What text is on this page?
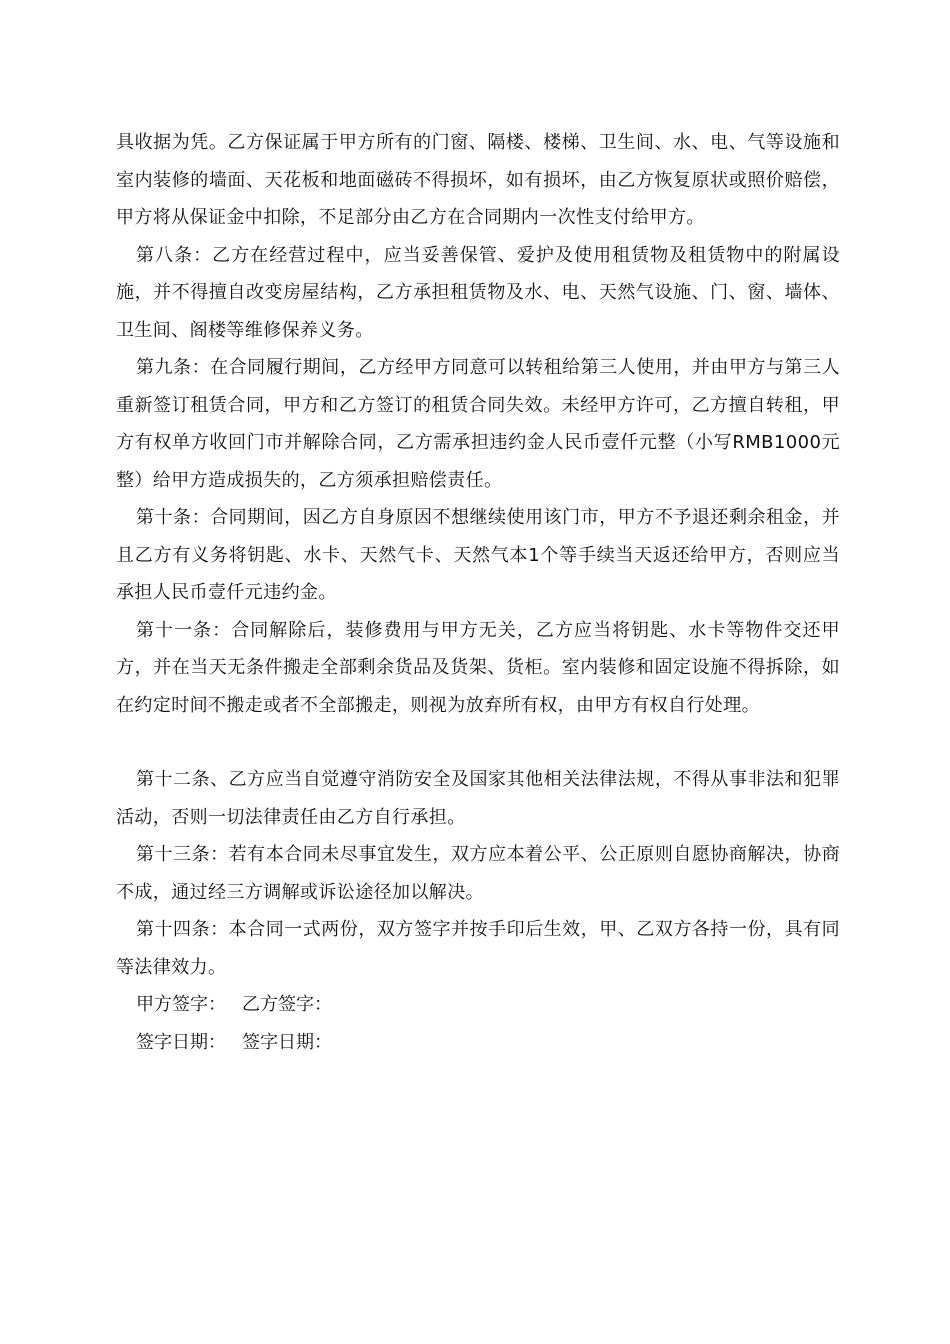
具收据为凭。乙方保证属于甲方所有的门窗、隔楼、楼梯、卫生间、水、电、气等设施和室内装修的墙面、天花板和地面磁砖不得损坏，如有损坏，由乙方恢复原状或照价赔偿，甲方将从保证金中扣除，不足部分由乙方在合同期内一次性支付给甲方。

第八条：乙方在经营过程中，应当妥善保管、爱护及使用租赁物及租赁物中的附属设施，并不得擅自改变房屋结构，乙方承担租赁物及水、电、天然气设施、门、窗、墙体、卫生间、阁楼等维修保养义务。

第九条：在合同履行期间，乙方经甲方同意可以转租给第三人使用，并由甲方与第三人重新签订租赁合同，甲方和乙方签订的租赁合同失效。未经甲方许可，乙方擅自转租，甲方有权单方收回门市并解除合同，乙方需承担违约金人民币壹仟元整（小写RMB1000元整）给甲方造成损失的，乙方须承担赔偿责任。

第十条：合同期间，因乙方自身原因不想继续使用该门市，甲方不予退还剩余租金，并且乙方有义务将钥匙、水卡、天然气卡、天然气本1个等手续当天返还给甲方，否则应当承担人民币壹仟元违约金。

第十一条：合同解除后，装修费用与甲方无关，乙方应当将钥匙、水卡等物件交还甲方，并在当天无条件搬走全部剩余货品及货架、货柜。室内装修和固定设施不得拆除，如在约定时间不搬走或者不全部搬走，则视为放弃所有权，由甲方有权自行处理。

第十二条、乙方应当自觉遵守消防安全及国家其他相关法律法规，不得从事非法和犯罪活动，否则一切法律责任由乙方自行承担。

第十三条：若有本合同未尽事宜发生，双方应本着公平、公正原则自愿协商解决，协商不成，通过经三方调解或诉讼途径加以解决。

第十四条：本合同一式两份，双方签字并按手印后生效，甲、乙双方各持一份，具有同等法律效力。

甲方签字： 乙方签字：

签字日期： 签字日期：
